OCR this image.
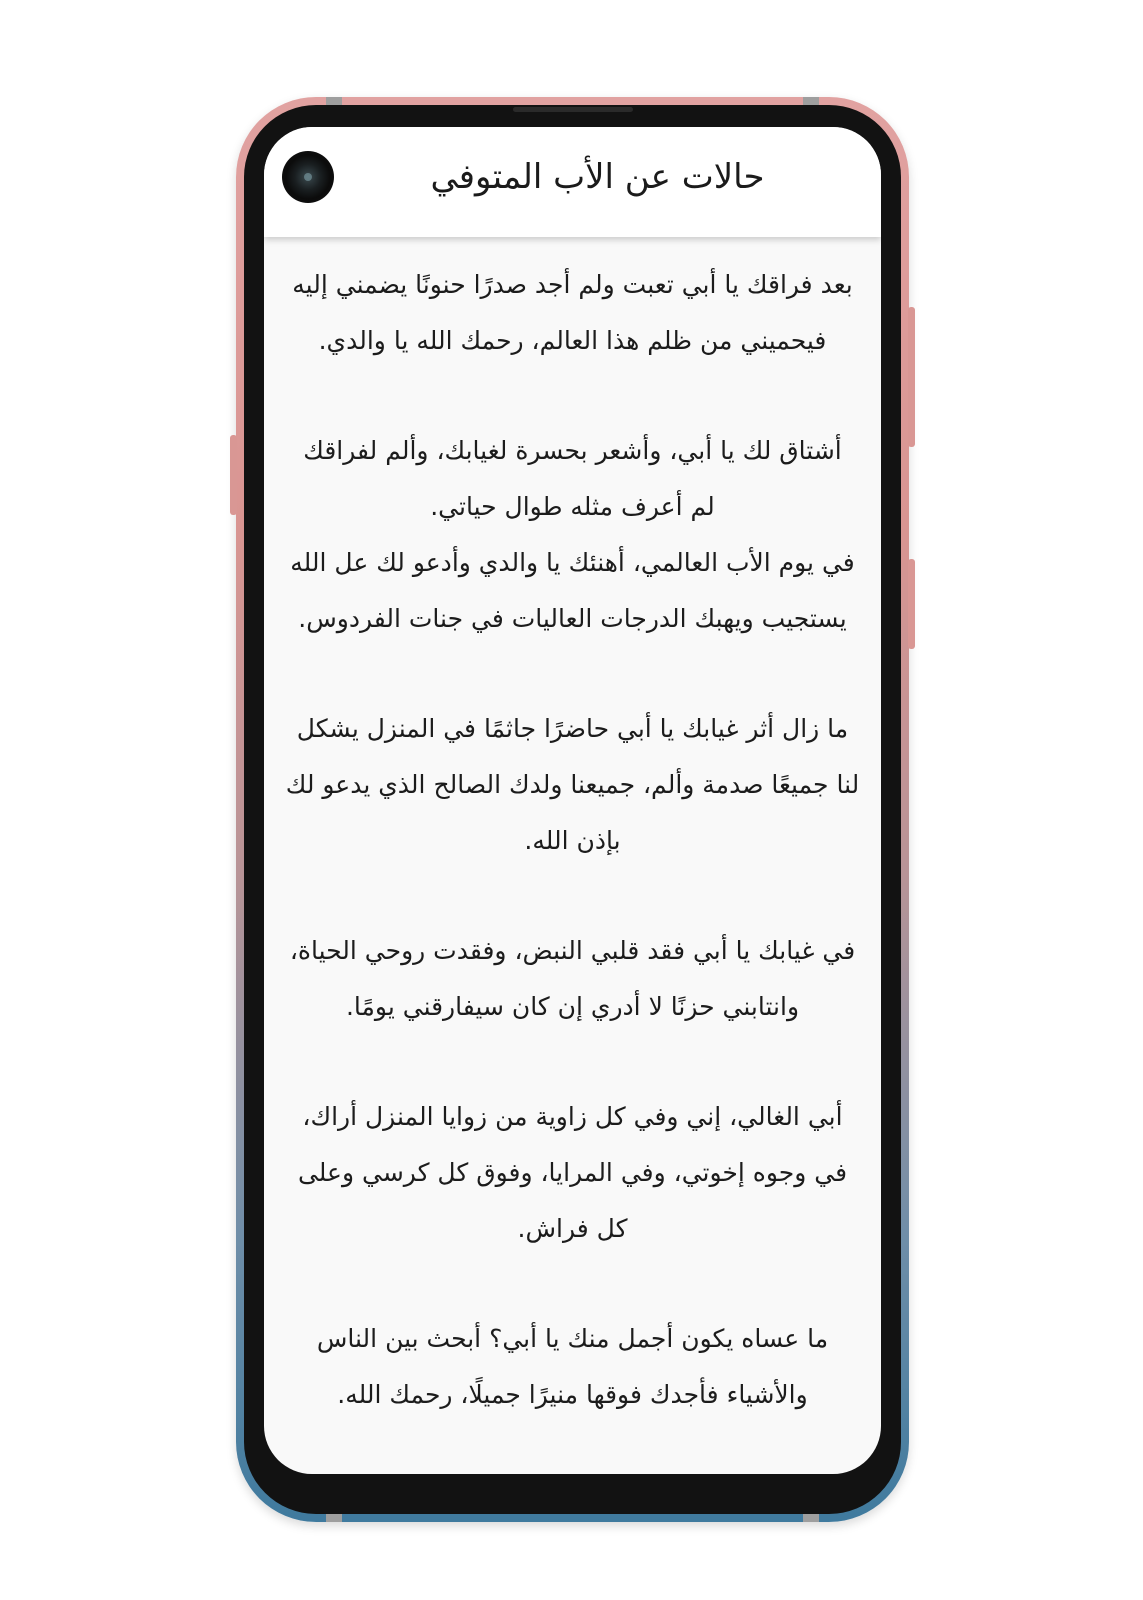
حالات عن الأب المتوفي

بعد فراقك يا أبي تعبت ولم أجد صدرًا حنونًا يضمني إليه فيحميني من ظلم هذا العالم، رحمك الله يا والدي.

أشتاق لك يا أبي، وأشعر بحسرة لغيابك، وألم لفراقك لم أعرف مثله طوال حياتي.

في يوم الأب العالمي، أهنئك يا والدي وأدعو لك عل الله يستجيب ويهبك الدرجات العاليات في جنات الفردوس.

ما زال أثر غيابك يا أبي حاضرًا جاثمًا في المنزل يشكل لنا جميعًا صدمة وألم، جميعنا ولدك الصالح الذي يدعو لك بإذن الله.

في غيابك يا أبي فقد قلبي النبض، وفقدت روحي الحياة، وانتابني حزنًا لا أدري إن كان سيفارقني يومًا.

أبي الغالي، إني وفي كل زاوية من زوايا المنزل أراك، في وجوه إخوتي، وفي المرايا، وفوق كل كرسي وعلى كل فراش.

ما عساه يكون أجمل منك يا أبي؟ أبحث بين الناس والأشياء فأجدك فوقها منيرًا جميلًا، رحمك الله.
